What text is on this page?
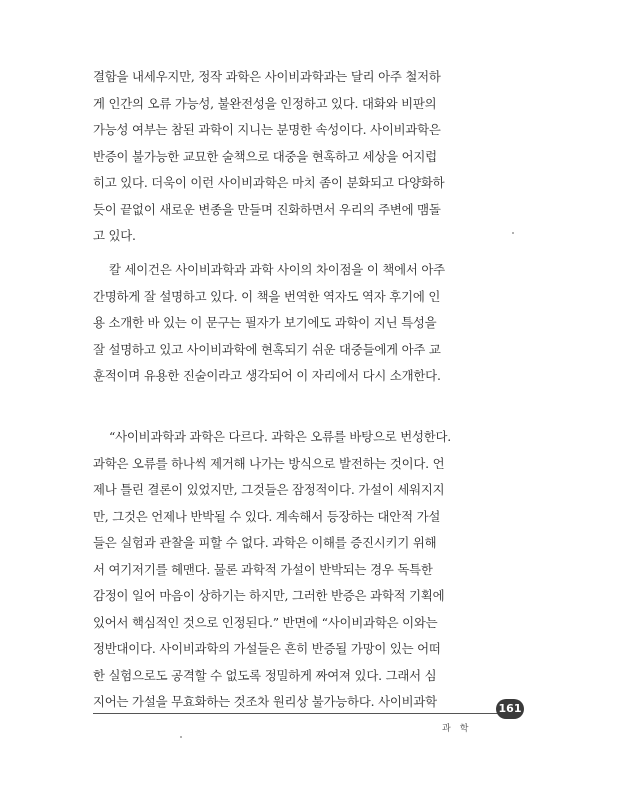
결함을 내세우지만, 정작 과학은 사이비과학과는 달리 아주 철저하
게 인간의 오류 가능성, 불완전성을 인정하고 있다. 대화와 비판의
가능성 여부는 참된 과학이 지니는 분명한 속성이다. 사이비과학은
반증이 불가능한 교묘한 술책으로 대중을 현혹하고 세상을 어지럽
히고 있다. 더욱이 이런 사이비과학은 마치 좀이 분화되고 다양화하
듯이 끝없이 새로운 변종을 만들며 진화하면서 우리의 주변에 맴돌
고 있다.

칼 세이건은 사이비과학과 과학 사이의 차이점을 이 책에서 아주
간명하게 잘 설명하고 있다. 이 책을 번역한 역자도 역자 후기에 인
용 소개한 바 있는 이 문구는 필자가 보기에도 과학이 지닌 특성을
잘 설명하고 있고 사이비과학에 현혹되기 쉬운 대중들에게 아주 교
훈적이며 유용한 진술이라고 생각되어 이 자리에서 다시 소개한다.

“사이비과학과 과학은 다르다. 과학은 오류를 바탕으로 번성한다.
과학은 오류를 하나씩 제거해 나가는 방식으로 발전하는 것이다. 언
제나 틀린 결론이 있었지만, 그것들은 잠정적이다. 가설이 세워지지
만, 그것은 언제나 반박될 수 있다. 계속해서 등장하는 대안적 가설
들은 실험과 관찰을 피할 수 없다. 과학은 이해를 증진시키기 위해
서 여기저기를 헤맨다. 물론 과학적 가설이 반박되는 경우 독특한
감정이 일어 마음이 상하기는 하지만, 그러한 반증은 과학적 기획에
있어서 핵심적인 것으로 인정된다.” 반면에 “사이비과학은 이와는
정반대이다. 사이비과학의 가설들은 흔히 반증될 가망이 있는 어떠
한 실험으로도 공격할 수 없도록 정밀하게 짜여져 있다. 그래서 심
지어는 가설을 무효화하는 것조차 원리상 불가능하다. 사이비과학	161
과학
